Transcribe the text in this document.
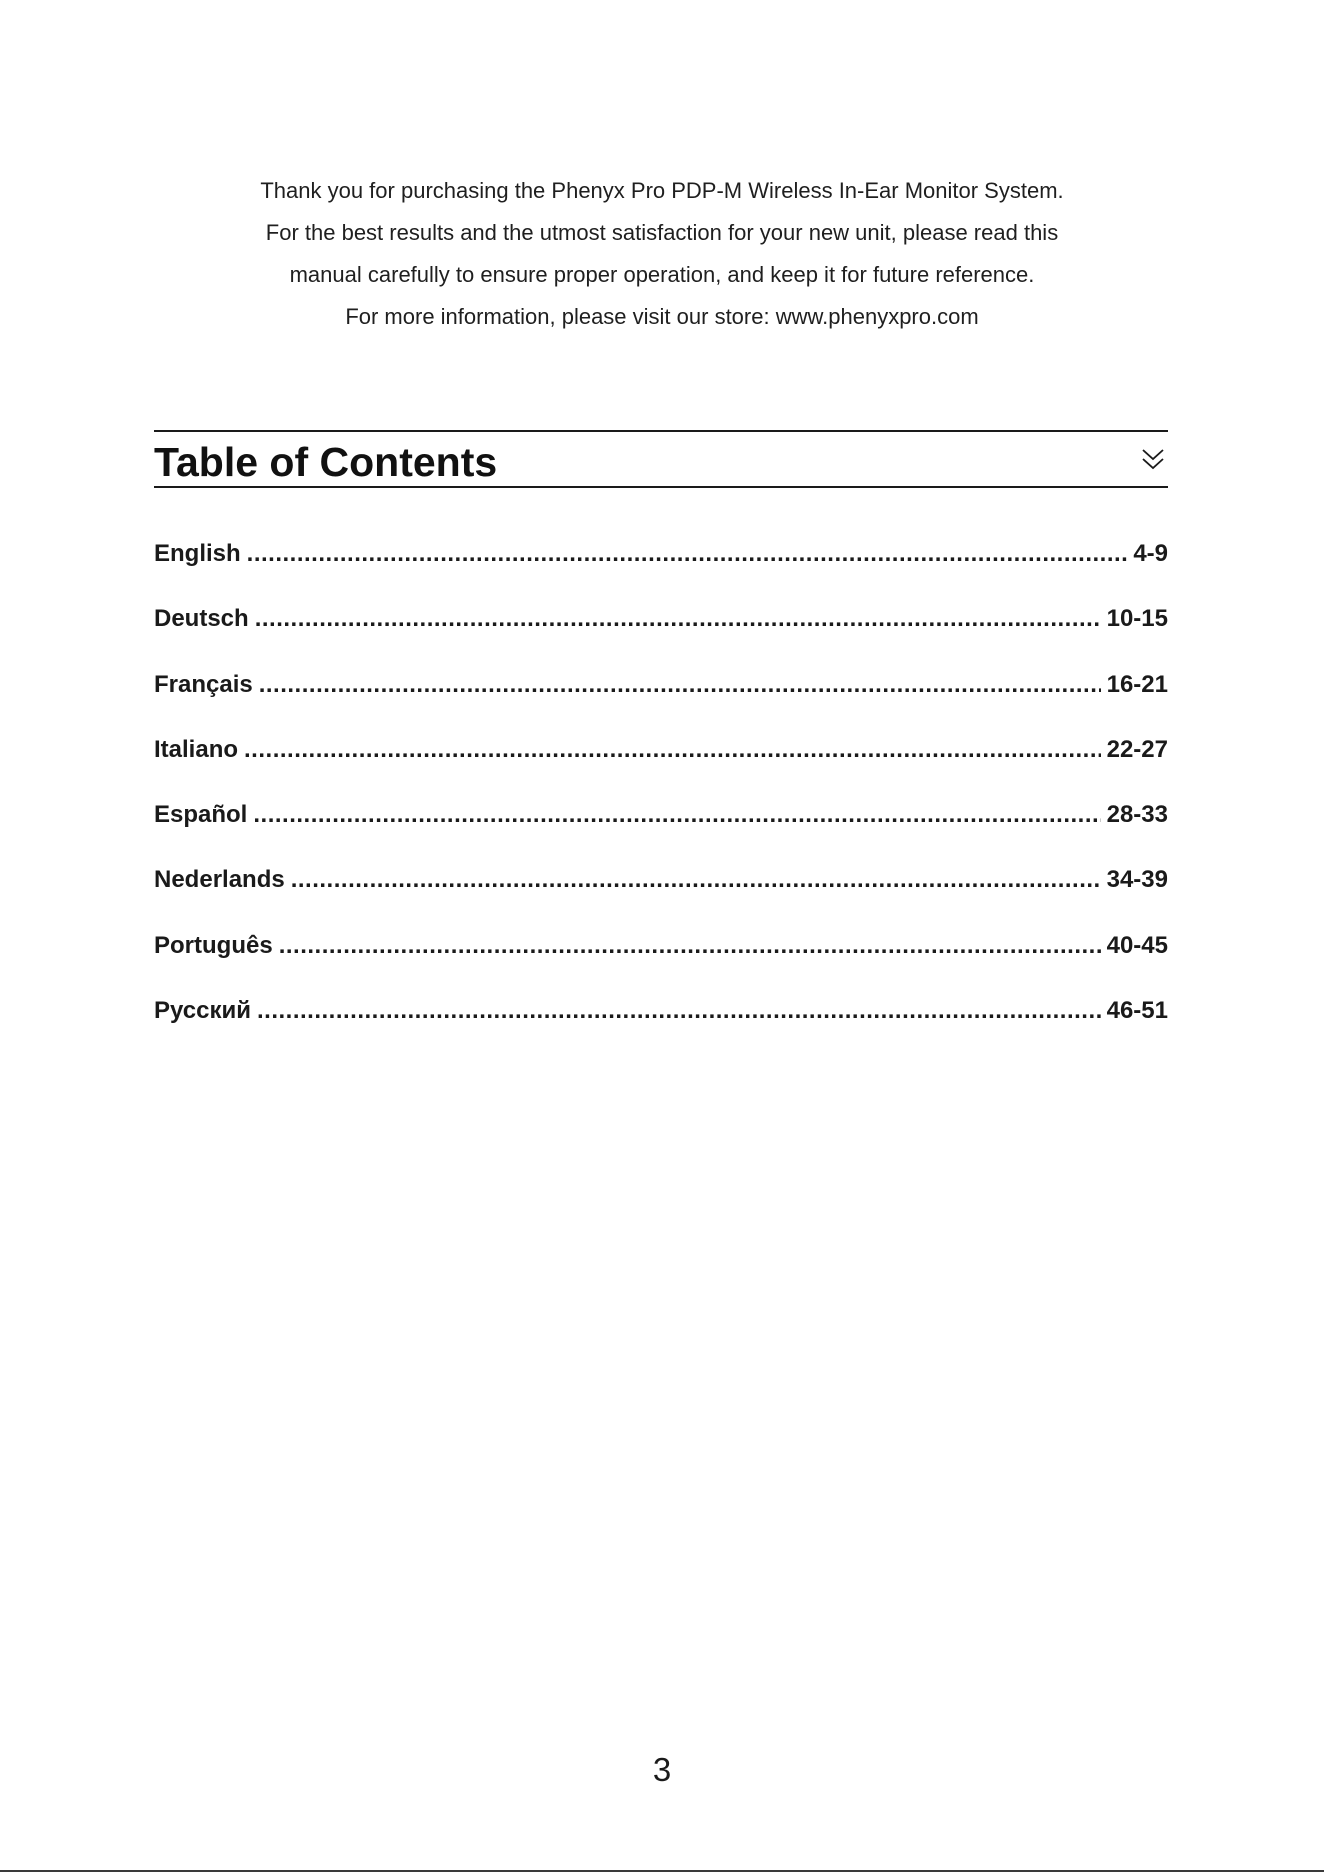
Thank you for purchasing the Phenyx Pro PDP-M Wireless In-Ear Monitor System.
For the best results and the utmost satisfaction for your new unit, please read this
manual carefully to ensure proper operation, and keep it for future reference.
For more information, please visit our store: www.phenyxpro.com
Table of Contents
English .....	4-9
Deutsch .....	10-15
Français .....	16-21
Italiano .....	22-27
Español .....	28-33
Nederlands .....	34-39
Português .....	40-45
Русский .....	46-51
3
